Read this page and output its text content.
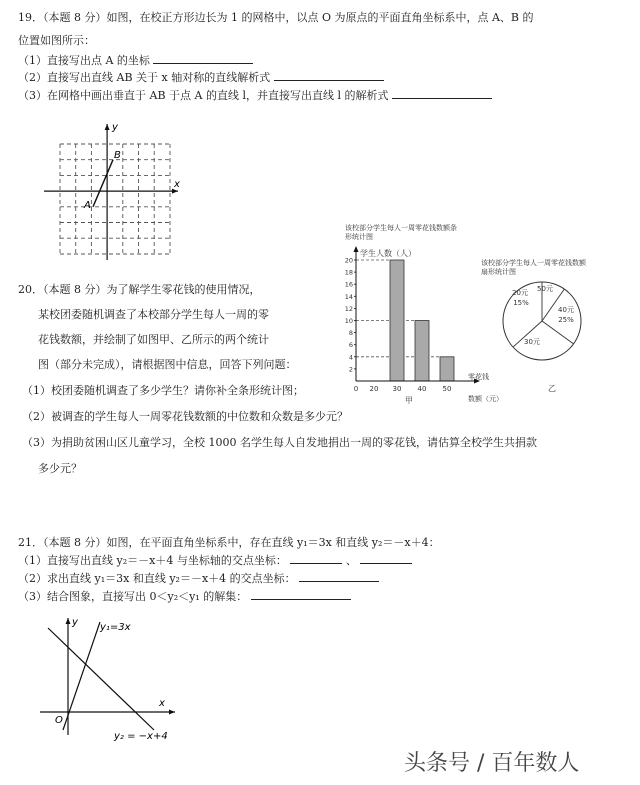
19．（本题 8 分）如图，在校正方形边长为 1 的网格中，以点 O 为原点的平面直角坐标系中，点 A、B 的
位置如图所示：
（1）直接写出点 A 的坐标
（2）直接写出直线 AB 关于 x 轴对称的直线解析式
（3）在网格中画出垂直于 AB 于点 A 的直线 l，并直接写出直线 l 的解析式
x
y
A
B
20．（本题 8 分）为了解学生零花钱的使用情况，
某校团委随机调查了本校部分学生每人一周的零
花钱数额，并绘制了如图甲、乙所示的两个统计
图（部分未完成），请根据图中信息，回答下列问题：
（1）校团委随机调查了多少学生？请你补全条形统计图；
（2）被调查的学生每人一周零花钱数额的中位数和众数是多少元？
（3）为捐助贫困山区儿童学习，全校 1000 名学生每人自发地捐出一周的零花钱，请估算全校学生共捐款
多少元？
该校部分学生每人一周零花钱数额条
形统计图
学生人数（人）
2
4
6
8
10
12
14
16
18
20
0 20 30 40 50
甲
零花钱
数额（元）
该校部分学生每人一周零花钱数额
扇形统计图
20元
15%
50元
40元
25%
30元
乙
21．（本题 8 分）如图，在平面直角坐标系中，存在直线 y₁＝3x 和直线 y₂＝－x＋4：
（1）直接写出直线 y₂＝－x＋4 与坐标轴的交点坐标：	、
（2）求出直线 y₁＝3x 和直线 y₂＝－x＋4 的交点坐标：
（3）结合图象，直接写出 0＜y₂＜y₁ 的解集：
x
y
O
y₁=3x
y₂ = −x+4
头条号 / 百年数人
